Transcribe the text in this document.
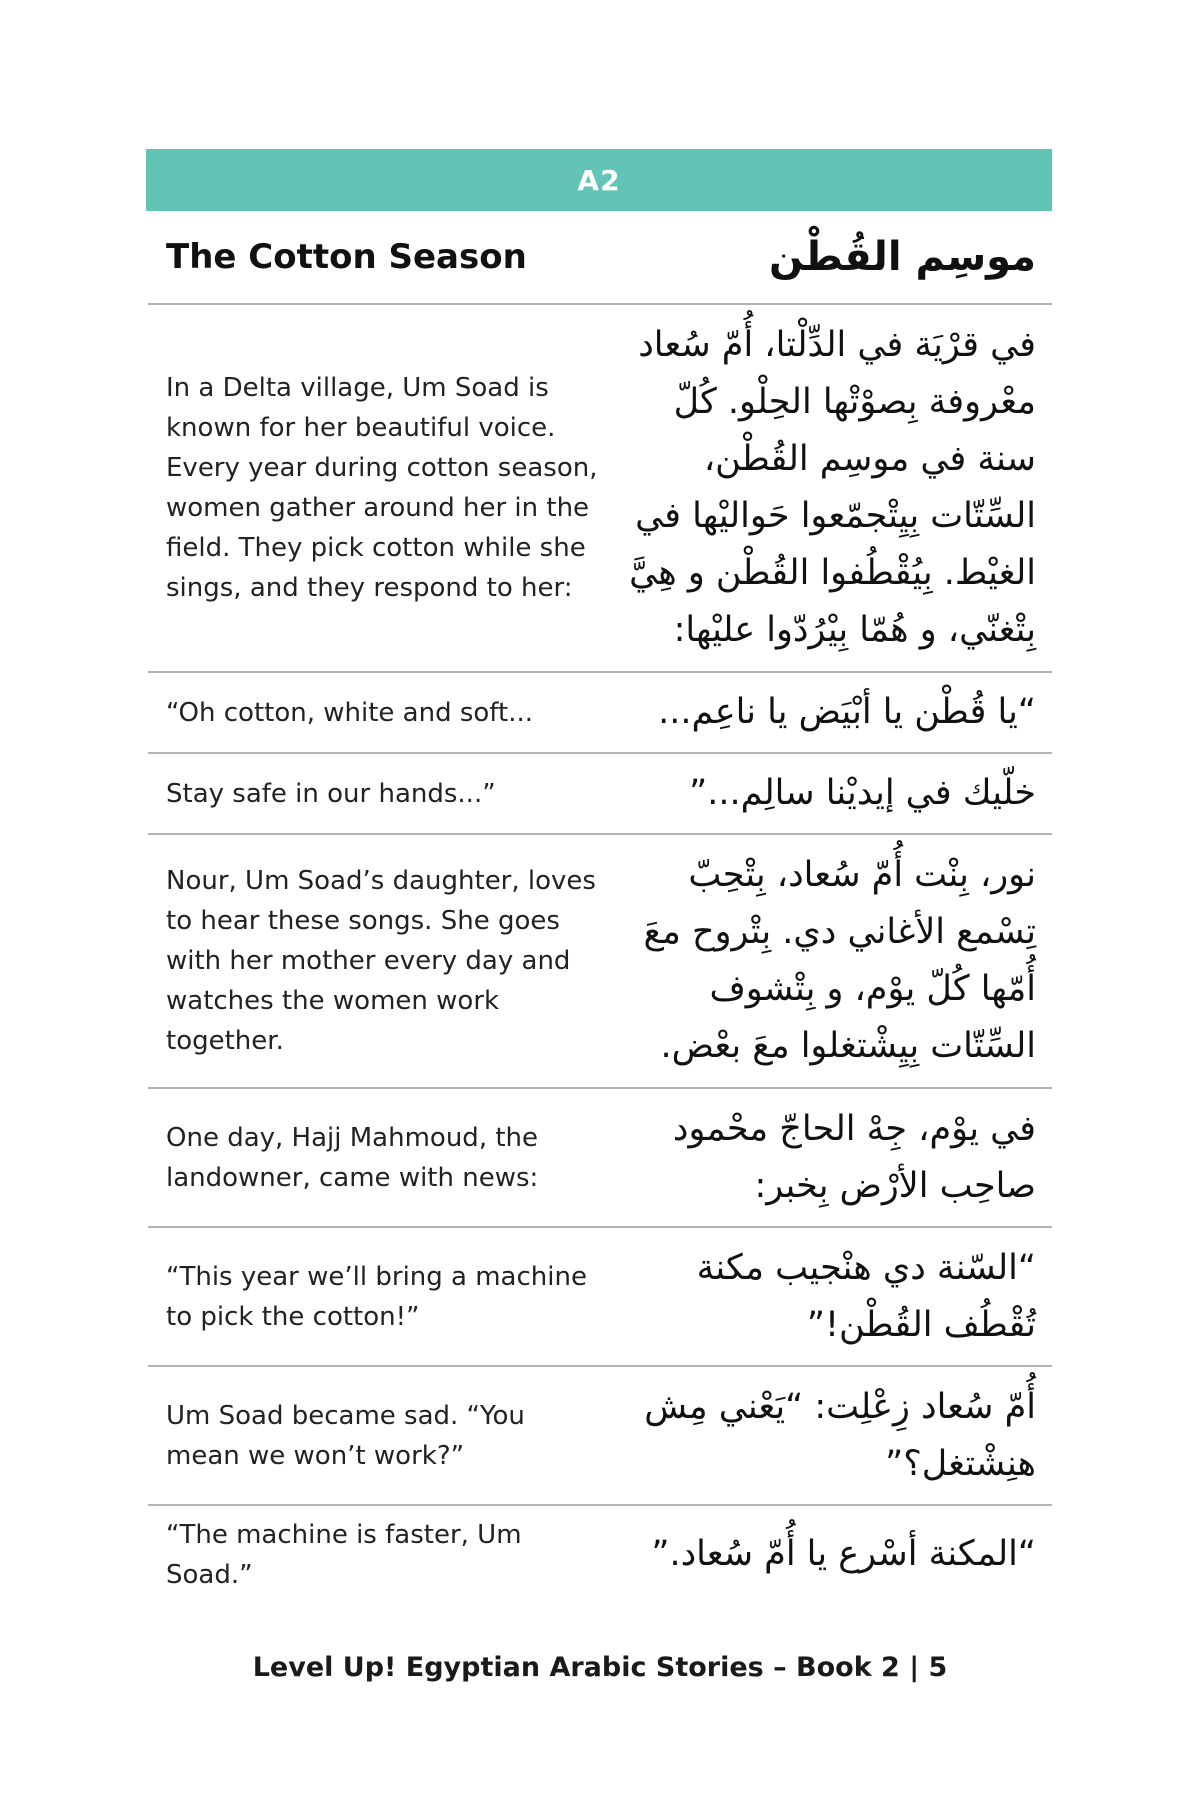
A2
The Cotton Season	موسِم القُطْن
In a Delta village, Um Soad is known for her beautiful voice. Every year during cotton season, women gather around her in the field. They pick cotton while she sings, and they respond to her:	في قرْيَة في الدِّلْتا، أُمّ سُعاد معْروفة بِصوْتْها الحِلْو. كُلّ سنة في موسِم القُطْن، السِّتّات بِيِتْجمّعوا حَواليْها في الغيْط. بِيُقْطُفوا القُطْن و هِيَّ بِتْغنّي، و هُمّا بِيْرُدّوا عليْها:
“Oh cotton, white and soft...	“يا قُطْن يا أبْيَض يا ناعِم...
Stay safe in our hands...”	خلّيك في إيديْنا سالِم...”
Nour, Um Soad’s daughter, loves to hear these songs. She goes with her mother every day and watches the women work together.	نور، بِنْت أُمّ سُعاد، بِتْحِبّ تِسْمع الأغاني دي. بِتْروح معَ أُمّها كُلّ يوْم، و بِتْشوف السِّتّات بِيِشْتغلوا معَ بعْض.
One day, Hajj Mahmoud, the landowner, came with news:	في يوْم، جِهْ الحاجّ محْمود صاحِب الأرْض بِخبر:
“This year we’ll bring a machine to pick the cotton!”	“السّنة دي هنْجيب مكنة تُقْطُف القُطْن!”
Um Soad became sad. “You mean we won’t work?”	أُمّ سُعاد زِعْلِت: “يَعْني مِش هنِشْتغل؟”
“The machine is faster, Um Soad.”	“المكنة أسْرع يا أُمّ سُعاد.”
Level Up! Egyptian Arabic Stories – Book 2 | 5
